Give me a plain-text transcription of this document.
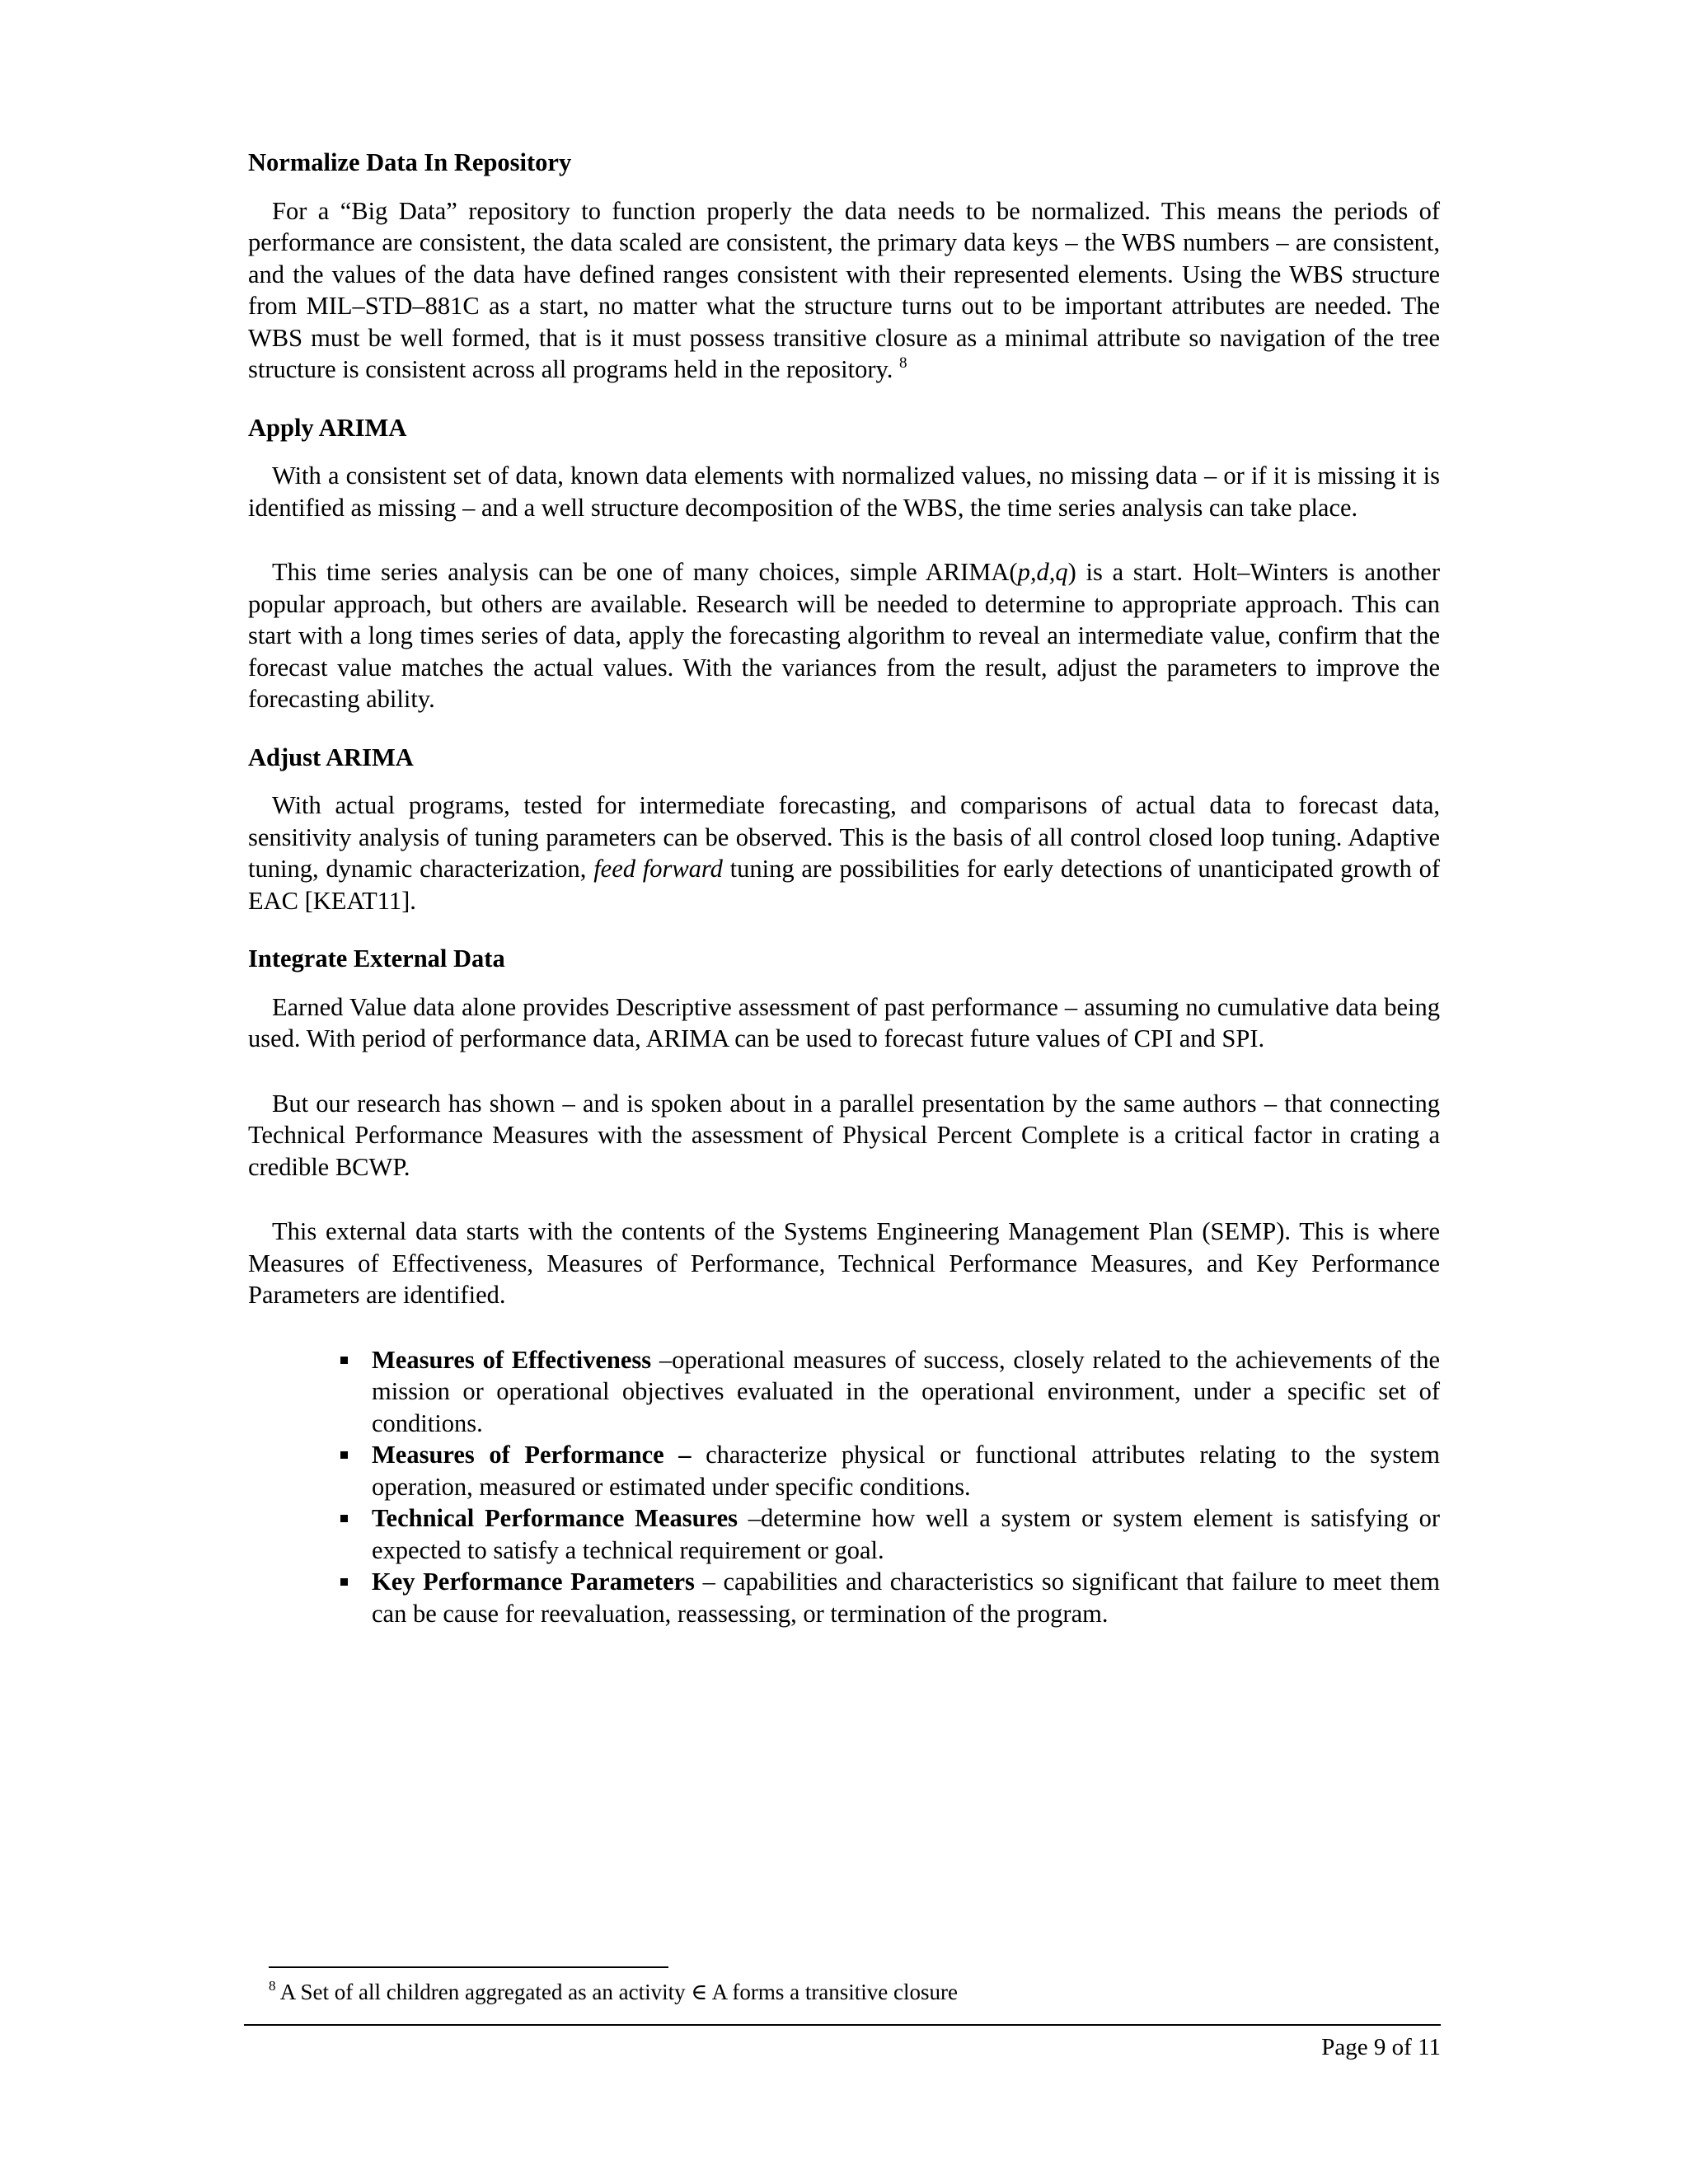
Normalize Data In Repository

For a “Big Data” repository to function properly the data needs to be normalized. This means the periods of performance are consistent, the data scaled are consistent, the primary data keys – the WBS numbers – are consistent, and the values of the data have defined ranges consistent with their represented elements. Using the WBS structure from MIL–STD–881C as a start, no matter what the structure turns out to be important attributes are needed. The WBS must be well formed, that is it must possess transitive closure as a minimal attribute so navigation of the tree structure is consistent across all programs held in the repository. $^8$

Apply ARIMA

With a consistent set of data, known data elements with normalized values, no missing data – or if it is missing it is identified as missing – and a well structure decomposition of the WBS, the time series analysis can take place.

This time series analysis can be one of many choices, simple ARIMA(p,d,q) is a start. Holt–Winters is another popular approach, but others are available. Research will be needed to determine to appropriate approach. This can start with a long times series of data, apply the forecasting algorithm to reveal an intermediate value, confirm that the forecast value matches the actual values. With the variances from the result, adjust the parameters to improve the forecasting ability.

Adjust ARIMA

With actual programs, tested for intermediate forecasting, and comparisons of actual data to forecast data, sensitivity analysis of tuning parameters can be observed. This is the basis of all control closed loop tuning. Adaptive tuning, dynamic characterization, feed forward tuning are possibilities for early detections of unanticipated growth of EAC [KEAT11].

Integrate External Data

Earned Value data alone provides Descriptive assessment of past performance – assuming no cumulative data being used. With period of performance data, ARIMA can be used to forecast future values of CPI and SPI.

But our research has shown – and is spoken about in a parallel presentation by the same authors – that connecting Technical Performance Measures with the assessment of Physical Percent Complete is a critical factor in crating a credible BCWP.

This external data starts with the contents of the Systems Engineering Management Plan (SEMP). This is where Measures of Effectiveness, Measures of Performance, Technical Performance Measures, and Key Performance Parameters are identified.

Measures of Effectiveness –operational measures of success, closely related to the achievements of the mission or operational objectives evaluated in the operational environment, under a specific set of conditions.
Measures of Performance – characterize physical or functional attributes relating to the system operation, measured or estimated under specific conditions.
Technical Performance Measures –determine how well a system or system element is satisfying or expected to satisfy a technical requirement or goal.
Key Performance Parameters – capabilities and characteristics so significant that failure to meet them can be cause for reevaluation, reassessing, or termination of the program.
$^8$ A Set of all children aggregated as an activity ∈ A forms a transitive closure
Page 9 of 11
